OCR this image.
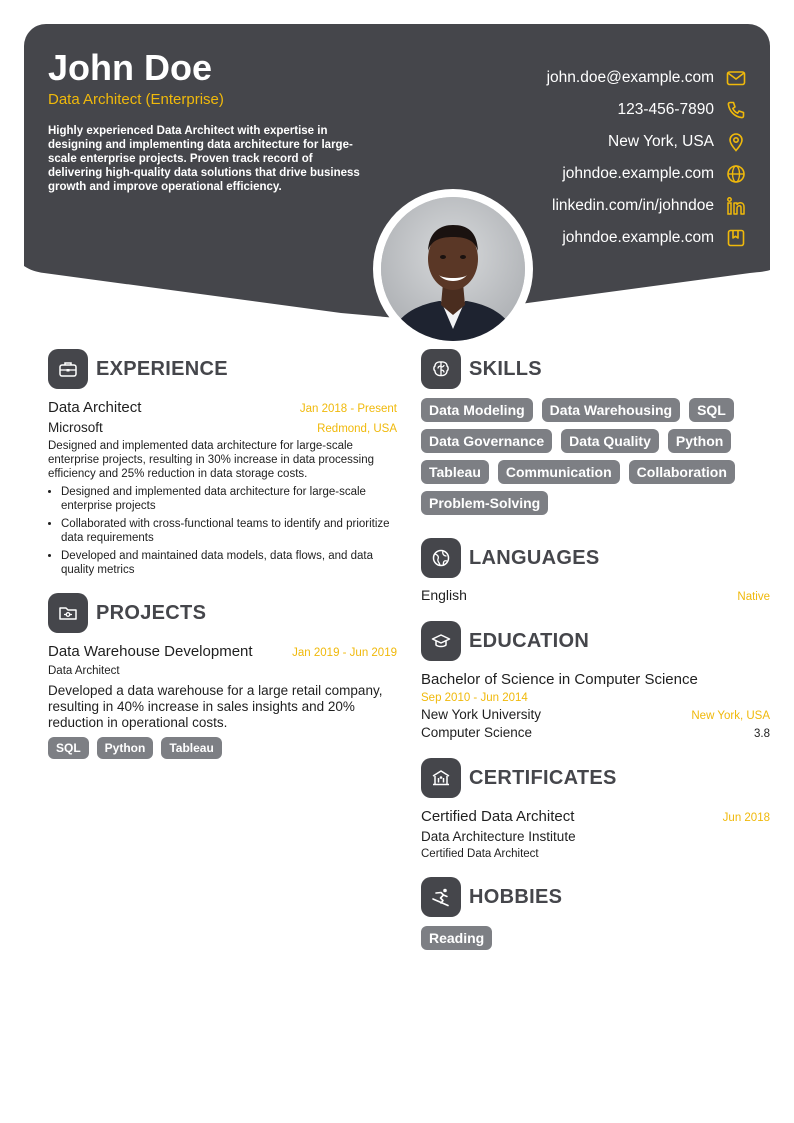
John Doe
Data Architect (Enterprise)
Highly experienced Data Architect with expertise in designing and implementing data architecture for large-scale enterprise projects. Proven track record of delivering high-quality data solutions that drive business growth and improve operational efficiency.
john.doe@example.com
123-456-7890
New York, USA
johndoe.example.com
linkedin.com/in/johndoe
johndoe.example.com
EXPERIENCE
Data Architect	Jan 2018 - Present
Microsoft	Redmond, USA
Designed and implemented data architecture for large-scale enterprise projects, resulting in 30% increase in data processing efficiency and 25% reduction in data storage costs.
• Designed and implemented data architecture for large-scale enterprise projects
• Collaborated with cross-functional teams to identify and prioritize data requirements
• Developed and maintained data models, data flows, and data quality metrics
PROJECTS
Data Warehouse Development	Jan 2019 - Jun 2019
Data Architect
Developed a data warehouse for a large retail company, resulting in 40% increase in sales insights and 20% reduction in operational costs.
SQL	Python	Tableau
SKILLS
Data Modeling	Data Warehousing	SQL
Data Governance	Data Quality	Python
Tableau	Communication	Collaboration
Problem-Solving
LANGUAGES
English	Native
EDUCATION
Bachelor of Science in Computer Science
Sep 2010 - Jun 2014
New York University	New York, USA
Computer Science	3.8
CERTIFICATES
Certified Data Architect	Jun 2018
Data Architecture Institute
Certified Data Architect
HOBBIES
Reading
